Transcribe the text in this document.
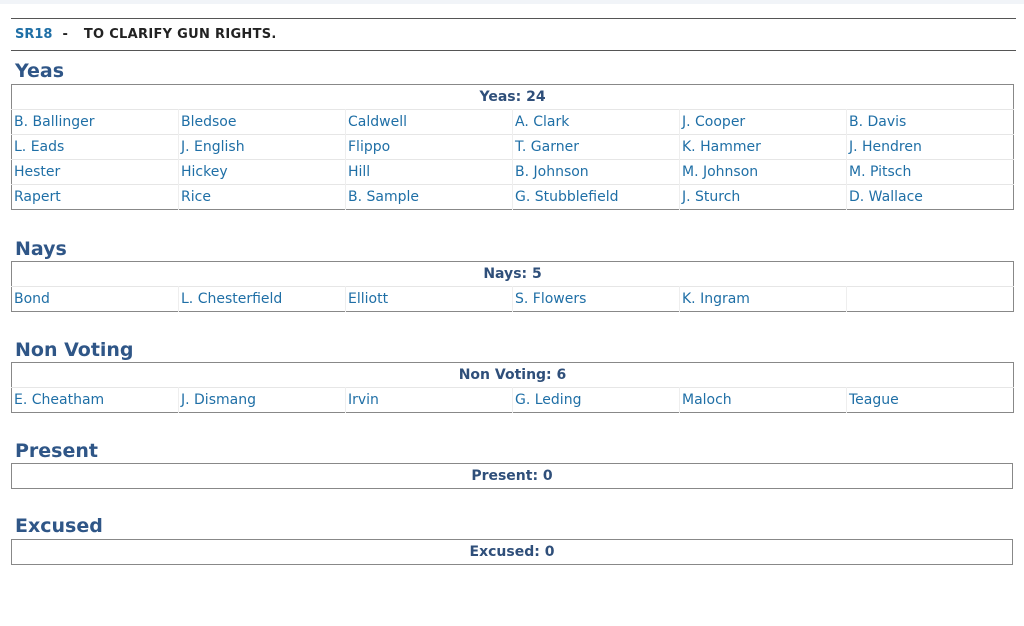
SR18 - TO CLARIFY GUN RIGHTS.
Yeas
Yeas: 24					
B. Ballinger	Bledsoe	Caldwell	A. Clark	J. Cooper	B. Davis
L. Eads	J. English	Flippo	T. Garner	K. Hammer	J. Hendren
Hester	Hickey	Hill	B. Johnson	M. Johnson	M. Pitsch
Rapert	Rice	B. Sample	G. Stubblefield	J. Sturch	D. Wallace
Nays
Nays: 5
Bond	L. Chesterfield	Elliott	S. Flowers	K. Ingram	
Non Voting
Non Voting: 6
E. Cheatham	J. Dismang	Irvin	G. Leding	Maloch	Teague
Present
Present: 0
Excused
Excused: 0
